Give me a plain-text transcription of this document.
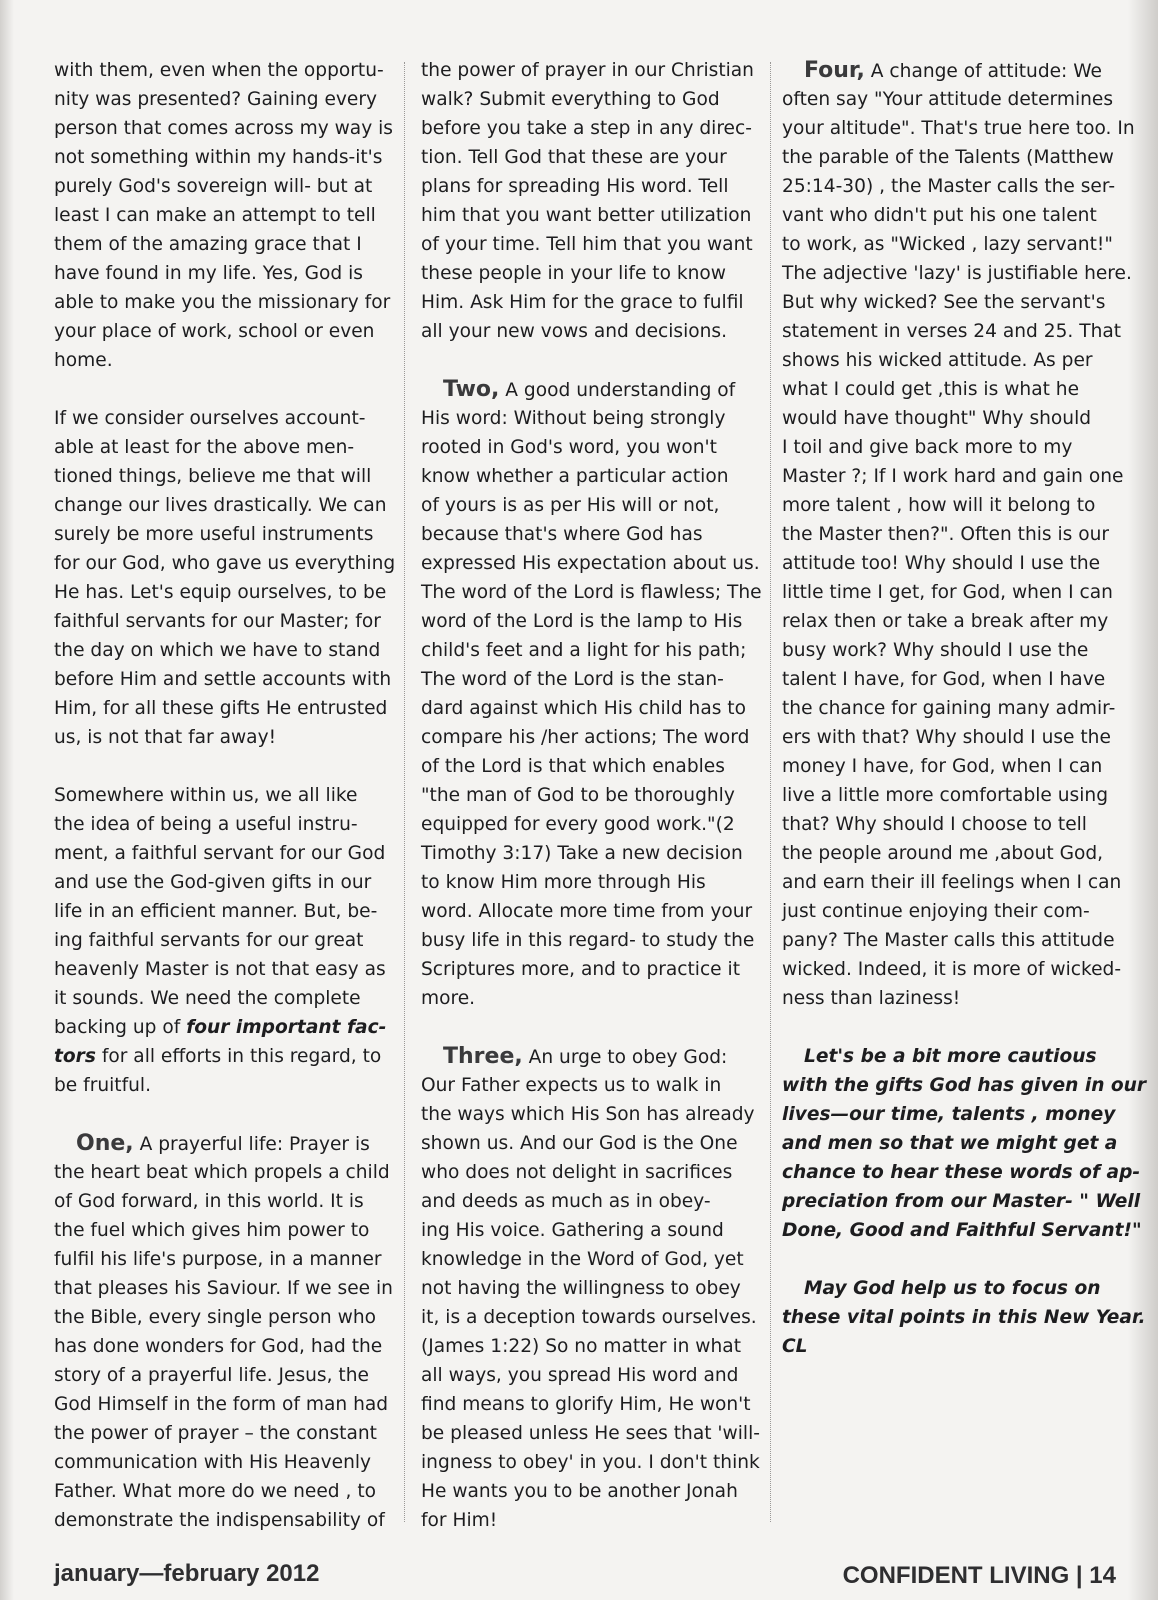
with them, even when the opportu-
nity was presented? Gaining every
person that comes across my way is
not something within my hands-it's
purely God's sovereign will- but at
least I can make an attempt to tell
them of the amazing grace that I
have found in my life. Yes, God is
able to make you the missionary for
your place of work, school or even
home.
If we consider ourselves account-
able at least for the above men-
tioned things, believe me that will
change our lives drastically. We can
surely be more useful instruments
for our God, who gave us everything
He has. Let's equip ourselves, to be
faithful servants for our Master; for
the day on which we have to stand
before Him and settle accounts with
Him, for all these gifts He entrusted
us, is not that far away!
Somewhere within us, we all like
the idea of being a useful instru-
ment, a faithful servant for our God
and use the God-given gifts in our
life in an efficient manner. But, be-
ing faithful servants for our great
heavenly Master is not that easy as
it sounds. We need the complete
backing up of four important fac-
tors for all efforts in this regard, to
be fruitful.
One, A prayerful life: Prayer is
the heart beat which propels a child
of God forward, in this world. It is
the fuel which gives him power to
fulfil his life's purpose, in a manner
that pleases his Saviour. If we see in
the Bible, every single person who
has done wonders for God, had the
story of a prayerful life. Jesus, the
God Himself in the form of man had
the power of prayer – the constant
communication with His Heavenly
Father. What more do we need , to
demonstrate the indispensability of
the power of prayer in our Christian
walk? Submit everything to God
before you take a step in any direc-
tion. Tell God that these are your
plans for spreading His word. Tell
him that you want better utilization
of your time. Tell him that you want
these people in your life to know
Him. Ask Him for the grace to fulfil
all your new vows and decisions.
Two, A good understanding of
His word: Without being strongly
rooted in God's word, you won't
know whether a particular action
of yours is as per His will or not,
because that's where God has
expressed His expectation about us.
The word of the Lord is flawless; The
word of the Lord is the lamp to His
child's feet and a light for his path;
The word of the Lord is the stan-
dard against which His child has to
compare his /her actions; The word
of the Lord is that which enables
"the man of God to be thoroughly
equipped for every good work."(2
Timothy 3:17) Take a new decision
to know Him more through His
word. Allocate more time from your
busy life in this regard- to study the
Scriptures more, and to practice it
more.
Three, An urge to obey God:
Our Father expects us to walk in
the ways which His Son has already
shown us. And our God is the One
who does not delight in sacrifices
and deeds as much as in obey-
ing His voice. Gathering a sound
knowledge in the Word of God, yet
not having the willingness to obey
it, is a deception towards ourselves.
(James 1:22) So no matter in what
all ways, you spread His word and
find means to glorify Him, He won't
be pleased unless He sees that 'will-
ingness to obey' in you. I don't think
He wants you to be another Jonah
for Him!
Four, A change of attitude: We
often say "Your attitude determines
your altitude". That's true here too. In
the parable of the Talents (Matthew
25:14-30) , the Master calls the ser-
vant who didn't put his one talent
to work, as "Wicked , lazy servant!"
The adjective 'lazy' is justifiable here.
But why wicked? See the servant's
statement in verses 24 and 25. That
shows his wicked attitude. As per
what I could get ,this is what he
would have thought" Why should
I toil and give back more to my
Master ?; If I work hard and gain one
more talent , how will it belong to
the Master then?". Often this is our
attitude too! Why should I use the
little time I get, for God, when I can
relax then or take a break after my
busy work? Why should I use the
talent I have, for God, when I have
the chance for gaining many admir-
ers with that? Why should I use the
money I have, for God, when I can
live a little more comfortable using
that? Why should I choose to tell
the people around me ,about God,
and earn their ill feelings when I can
just continue enjoying their com-
pany? The Master calls this attitude
wicked. Indeed, it is more of wicked-
ness than laziness!
Let's be a bit more cautious
with the gifts God has given in our
lives—our time, talents , money
and men so that we might get a
chance to hear these words of ap-
preciation from our Master- " Well
Done, Good and Faithful Servant!"
May God help us to focus on
these vital points in this New Year.
CL
january—february 2012	CONFIDENT LIVING | 14
